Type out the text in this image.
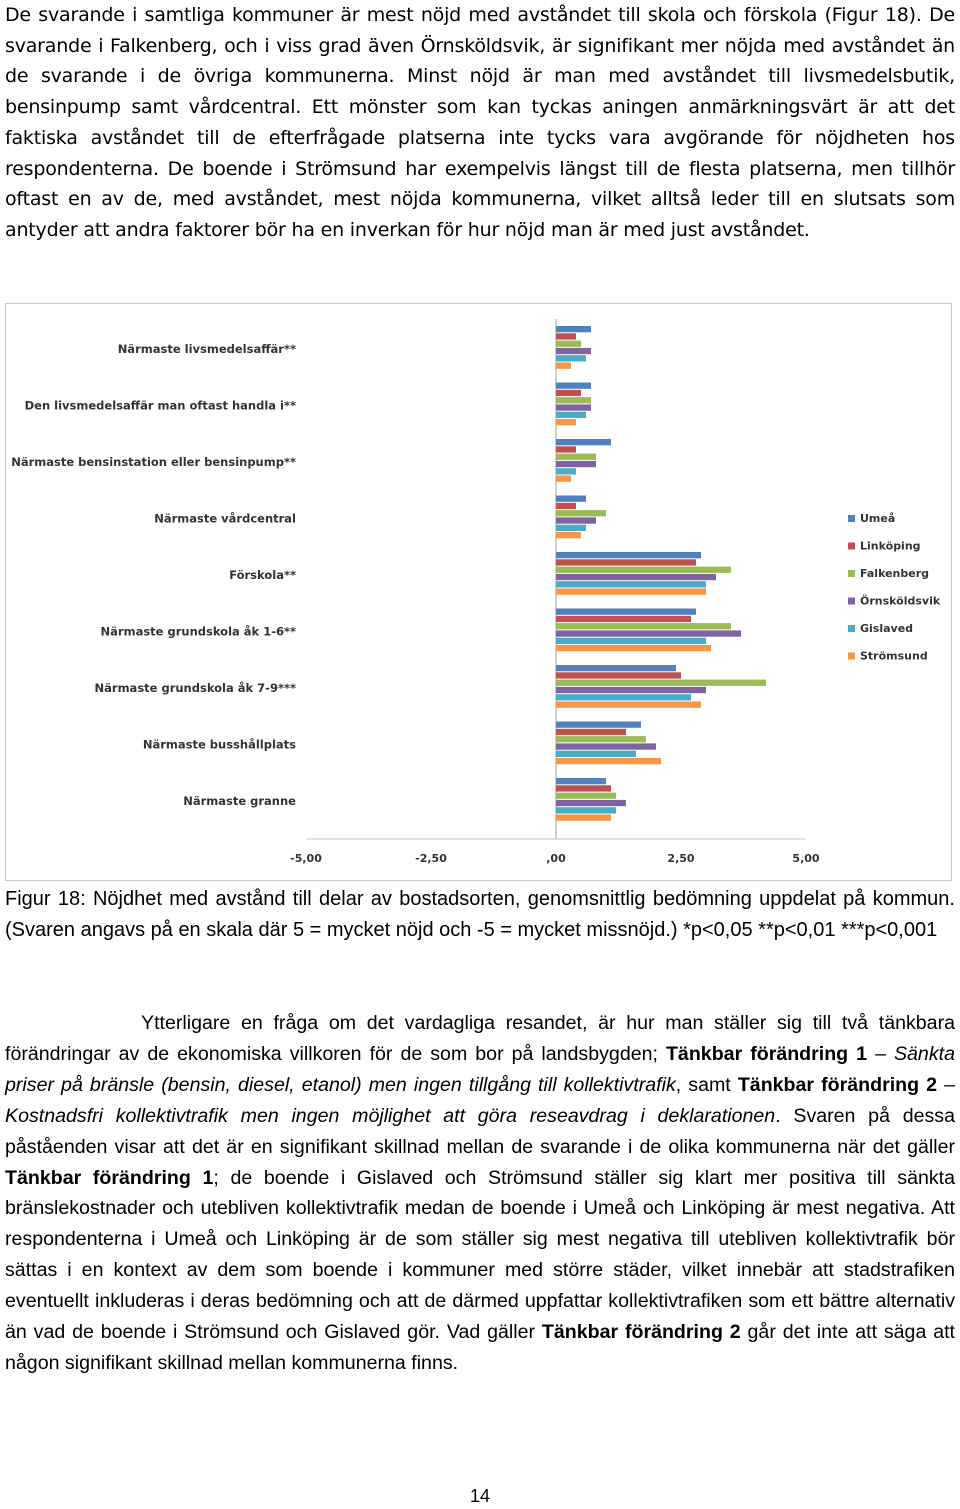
De svarande i samtliga kommuner är mest nöjd med avståndet till skola och förskola (Figur 18). De svarande i Falkenberg, och i viss grad även Örnsköldsvik, är signifikant mer nöjda med avståndet än de svarande i de övriga kommunerna. Minst nöjd är man med avståndet till livsmedelsbutik, bensinpump samt vårdcentral. Ett mönster som kan tyckas aningen anmärkningsvärt är att det faktiska avståndet till de efterfrågade platserna inte tycks vara avgörande för nöjdheten hos respondenterna. De boende i Strömsund har exempelvis längst till de flesta platserna, men tillhör oftast en av de, med avståndet, mest nöjda kommunerna, vilket alltså leder till en slutsats som antyder att andra faktorer bör ha en inverkan för hur nöjd man är med just avståndet.

Närmaste livsmedelsaffär**
Den livsmedelsaffär man oftast handla i**
Närmaste bensinstation eller bensinpump**
Närmaste vårdcentral
Förskola**
Närmaste grundskola åk 1-6**
Närmaste grundskola åk 7-9***
Närmaste busshållplats
Närmaste granne
-5,00	-2,50	,00	2,50	5,00
Umeå
Linköping
Falkenberg
Örnsköldsvik
Gislaved
Strömsund

Figur 18: Nöjdhet med avstånd till delar av bostadsorten, genomsnittlig bedömning uppdelat på kommun. (Svaren angavs på en skala där 5 = mycket nöjd och -5 = mycket missnöjd.) *p<0,05 **p<0,01 ***p<0,001

Ytterligare en fråga om det vardagliga resandet, är hur man ställer sig till två tänkbara förändringar av de ekonomiska villkoren för de som bor på landsbygden; Tänkbar förändring 1 – Sänkta priser på bränsle (bensin, diesel, etanol) men ingen tillgång till kollektivtrafik, samt Tänkbar förändring 2 – Kostnadsfri kollektivtrafik men ingen möjlighet att göra reseavdrag i deklarationen. Svaren på dessa påståenden visar att det är en signifikant skillnad mellan de svarande i de olika kommunerna när det gäller Tänkbar förändring 1; de boende i Gislaved och Strömsund ställer sig klart mer positiva till sänkta bränslekostnader och utebliven kollektivtrafik medan de boende i Umeå och Linköping är mest negativa. Att respondenterna i Umeå och Linköping är de som ställer sig mest negativa till utebliven kollektivtrafik bör sättas i en kontext av dem som boende i kommuner med större städer, vilket innebär att stadstrafiken eventuellt inkluderas i deras bedömning och att de därmed uppfattar kollektivtrafiken som ett bättre alternativ än vad de boende i Strömsund och Gislaved gör. Vad gäller Tänkbar förändring 2 går det inte att säga att någon signifikant skillnad mellan kommunerna finns.

14
